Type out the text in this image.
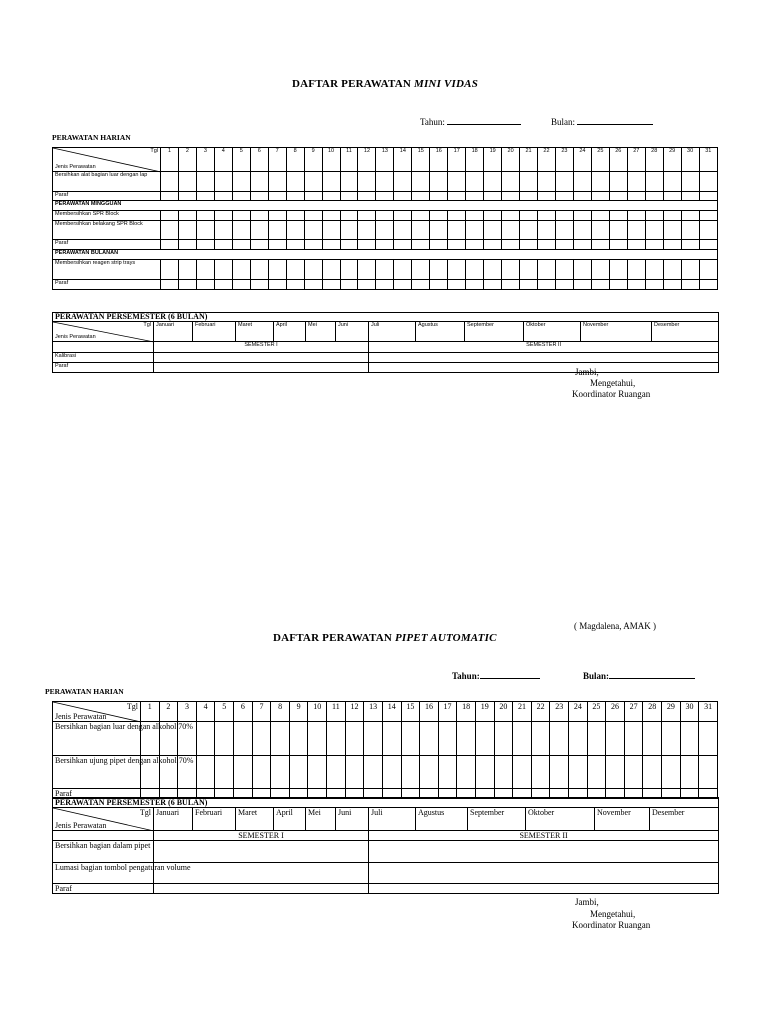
DAFTAR PERAWATAN MINI VIDAS
Tahun:	Bulan:
PERAWATAN HARIAN
Tgl
Jenis Perawatan	1	2	3	4	5	6	7	8	9	10	11	12	13	14	15	16	17	18	19	20	21	22	23	24	25	26	27	28	29	30	31
Bersihkan alat bagian luar dengan lap																															
Paraf																															
PERAWATAN MINGGUAN																															
Membersihkan SPR Block																															
Membersihkan belakang SPR Block																															
Paraf																															
PERAWATAN BULANAN																															
Membersihkan reagen strip trays																															
Paraf																															
PERAWATAN PERSEMESTER (6 BULAN)												

Tgl
Jenis Perawatan	Januari	Februari	Maret	April	Mei	Juni	Juli	Agustus	September	Oktober	November	Desember
	SEMESTER I						SEMESTER II					
Kalibrasi												
Paraf												
Jambi,
Mengetahui,
Koordinator Ruangan
( Magdalena, AMAK )
DAFTAR PERAWATAN PIPET AUTOMATIC
Tahun:	Bulan:
PERAWATAN HARIAN
Tgl
Jenis Perawatan	1	2	3	4	5	6	7	8	9	10	11	12	13	14	15	16	17	18	19	20	21	22	23	24	25	26	27	28	29	30	31
Bersihkan bagian luar dengan alkohol 70%																															
Bersihkan ujung pipet dengan alkohol 70%																															
Paraf																															
PERAWATAN PERSEMESTER (6 BULAN)												

Tgl
Jenis Perawatan	Januari	Februari	Maret	April	Mei	Juni	Juli	Agustus	September	Oktober	November	Desember
	SEMESTER I						SEMESTER II					
Bersihkan bagian dalam pipet												
Lumasi bagian tombol pengaturan volume												
Paraf												
Jambi,
Mengetahui,
Koordinator Ruangan
